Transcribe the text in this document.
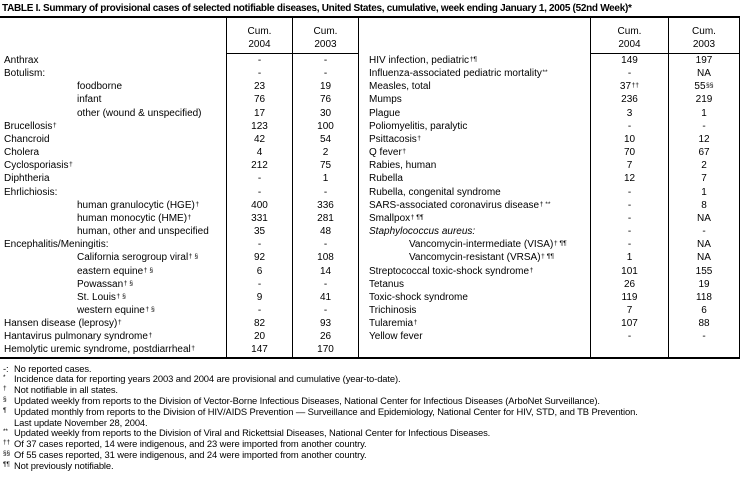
TABLE I. Summary of provisional cases of selected notifiable diseases, United States, cumulative, week ending January 1, 2005 (52nd Week)*
Cum.
2004
Cum.
2003
Anthrax	-	-
Botulism:	-	-
foodborne	23	19
infant	76	76
other (wound & unspecified)	17	30
Brucellosis†	123	100
Chancroid	42	54
Cholera	4	2
Cyclosporiasis†	212	75
Diphtheria	-	1
Ehrlichiosis:	-	-
human granulocytic (HGE)†	400	336
human monocytic (HME)†	331	281
human, other and unspecified	35	48
Encephalitis/Meningitis:	-	-
California serogroup viral† §	92	108
eastern equine† §	6	14
Powassan† §	-	-
St. Louis† §	9	41
western equine† §	-	-
Hansen disease (leprosy)†	82	93
Hantavirus pulmonary syndrome†	20	26
Hemolytic uremic syndrome, postdiarrheal†	147	170
Cum.
2004
Cum.
2003
HIV infection, pediatric†¶	149	197
Influenza-associated pediatric mortality**	-	NA
Measles, total	37††	55§§
Mumps	236	219
Plague	3	1
Poliomyelitis, paralytic	-	-
Psittacosis†	10	12
Q fever†	70	67
Rabies, human	7	2
Rubella	12	7
Rubella, congenital syndrome	-	1
SARS-associated coronavirus disease† **	-	8
Smallpox† ¶¶	-	NA
Staphylococcus aureus:	-	-
Vancomycin-intermediate (VISA)† ¶¶	-	NA
Vancomycin-resistant (VRSA)† ¶¶	1	NA
Streptococcal toxic-shock syndrome†	101	155
Tetanus	26	19
Toxic-shock syndrome	119	118
Trichinosis	7	6
Tularemia†	107	88
Yellow fever	-	-
-: No reported cases.
* Incidence data for reporting years 2003 and 2004 are provisional and cumulative (year-to-date).
† Not notifiable in all states.
§ Updated weekly from reports to the Division of Vector-Borne Infectious Diseases, National Center for Infectious Diseases (ArboNet Surveillance).
¶ Updated monthly from reports to the Division of HIV/AIDS Prevention — Surveillance and Epidemiology, National Center for HIV, STD, and TB Prevention.
Last update November 28, 2004.
** Updated weekly from reports to the Division of Viral and Rickettsial Diseases, National Center for Infectious Diseases.
†† Of 37 cases reported, 14 were indigenous, and 23 were imported from another country.
§§ Of 55 cases reported, 31 were indigenous, and 24 were imported from another country.
¶¶ Not previously notifiable.
